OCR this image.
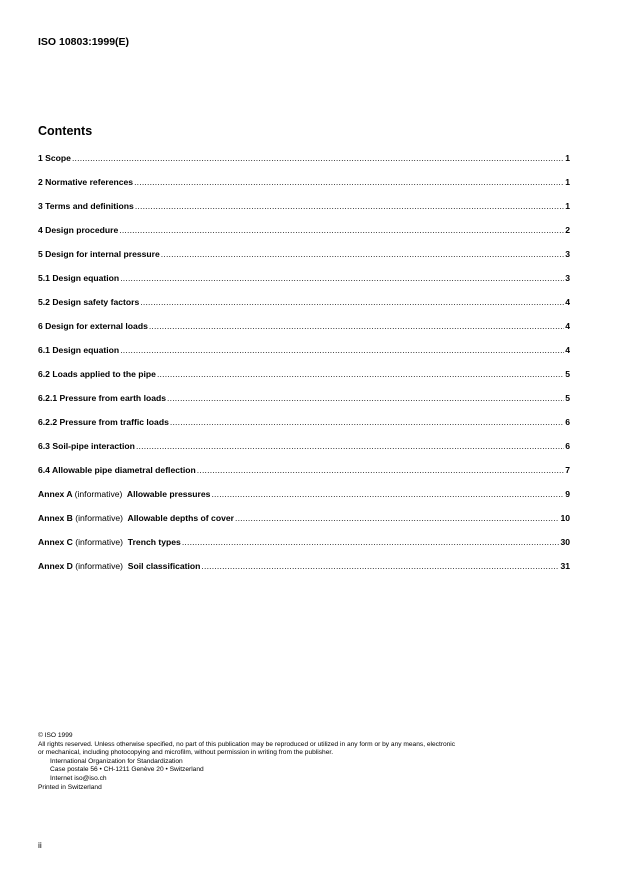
ISO 10803:1999(E)
Contents
1 Scope .....	1
2 Normative references .....	1
3 Terms and definitions .....	1
4 Design procedure .....	2
5 Design for internal pressure .....	3
5.1 Design equation .....	3
5.2 Design safety factors .....	4
6 Design for external loads .....	4
6.1 Design equation .....	4
6.2 Loads applied to the pipe .....	5
6.2.1 Pressure from earth loads .....	5
6.2.2 Pressure from traffic loads .....	6
6.3 Soil-pipe interaction .....	6
6.4 Allowable pipe diametral deflection .....	7
Annex A (informative) Allowable pressures .....	9
Annex B (informative) Allowable depths of cover .....	10
Annex C (informative) Trench types .....	30
Annex D (informative) Soil classification .....	31
© ISO 1999
All rights reserved. Unless otherwise specified, no part of this publication may be reproduced or utilized in any form or by any means, electronic
or mechanical, including photocopying and microfilm, without permission in writing from the publisher.
International Organization for Standardization
Case postale 56 • CH-1211 Genève 20 • Switzerland
Internet iso@iso.ch
Printed in Switzerland
ii
